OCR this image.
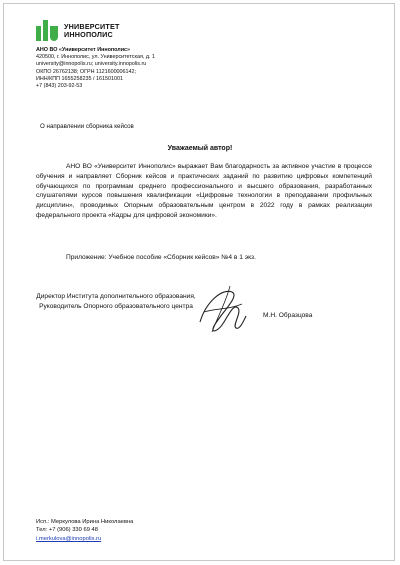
УНИВЕРСИТЕТ
ИННОПОЛИС
АНО ВО «Университет Иннополис»
420500, г. Иннополис, ул. Университетская, д. 1
university@innopolis.ru; university.innopolis.ru
ОКПО 26762138; ОГРН 1121600006142;
ИНН/КПП 1655258235 / 161501001
+7 (843) 203-92-53
О направлении сборника кейсов
Уважаемый автор!
АНО ВО «Университет Иннополис» выражает Вам благодарность за активное участие в процессе обучения и направляет Сборник кейсов и практических заданий по развитию цифровых компетенций обучающихся по программам среднего профессионального и высшего образования, разработанных слушателями курсов повышения квалификации «Цифровые технологии в преподавании профильных дисциплин», проводимых Опорным образовательным центром в 2022 году в рамках реализации федерального проекта «Кадры для цифровой экономики».
Приложение: Учебное пособие «Сборник кейсов» №4 в 1 экз.
Директор Института дополнительного образования, Руководитель Опорного образовательного центра
М.Н. Образцова
Исп.: Меркулова Ирина Николаевна
Тел: +7 (906) 330 69 48
i.merkulova@innopolis.ru
